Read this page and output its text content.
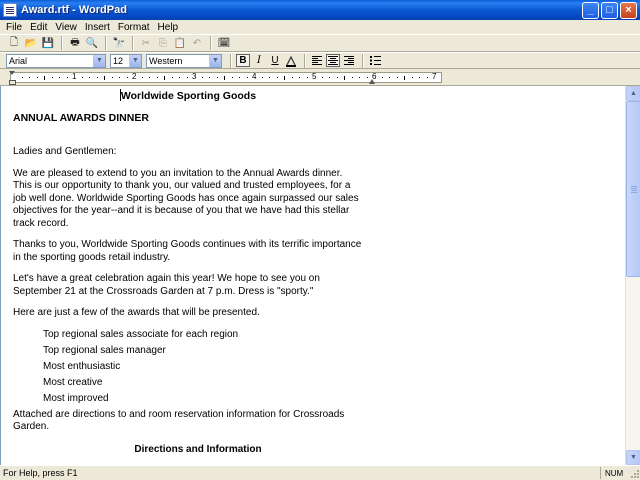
Award.rtf - WordPad	_	□	×
File Edit View Insert Format Help
🗋 📂 💾	🖶 🔍 🔭	✂ ⎘ 📋 ↶	🗓
Arial	▼ 12	▼ Western	▼	B	I	U
1	2	3	4	5	6	7

Worldwide Sporting Goods

ANNUAL AWARDS DINNER

Ladies and Gentlemen:

We are pleased to extend to you an invitation to the Annual Awards dinner. This is our opportunity to thank you, our valued and trusted employees, for a job well done. Worldwide Sporting Goods has once again surpassed our sales objectives for the year--and it is because of you that we have had this stellar track record.

Thanks to you, Worldwide Sporting Goods continues with its terrific importance in the sporting goods retail industry.

Let's have a great celebration again this year! We hope to see you on September 21 at the Crossroads Garden at 7 p.m. Dress is "sporty."

Here are just a few of the awards that will be presented.

Top regional sales associate for each region
Top regional sales manager
Most enthusiastic
Most creative
Most improved

Attached are directions to and room reservation information for Crossroads Garden.

Directions and Information

▲
▼
For Help, press F1	NUM
